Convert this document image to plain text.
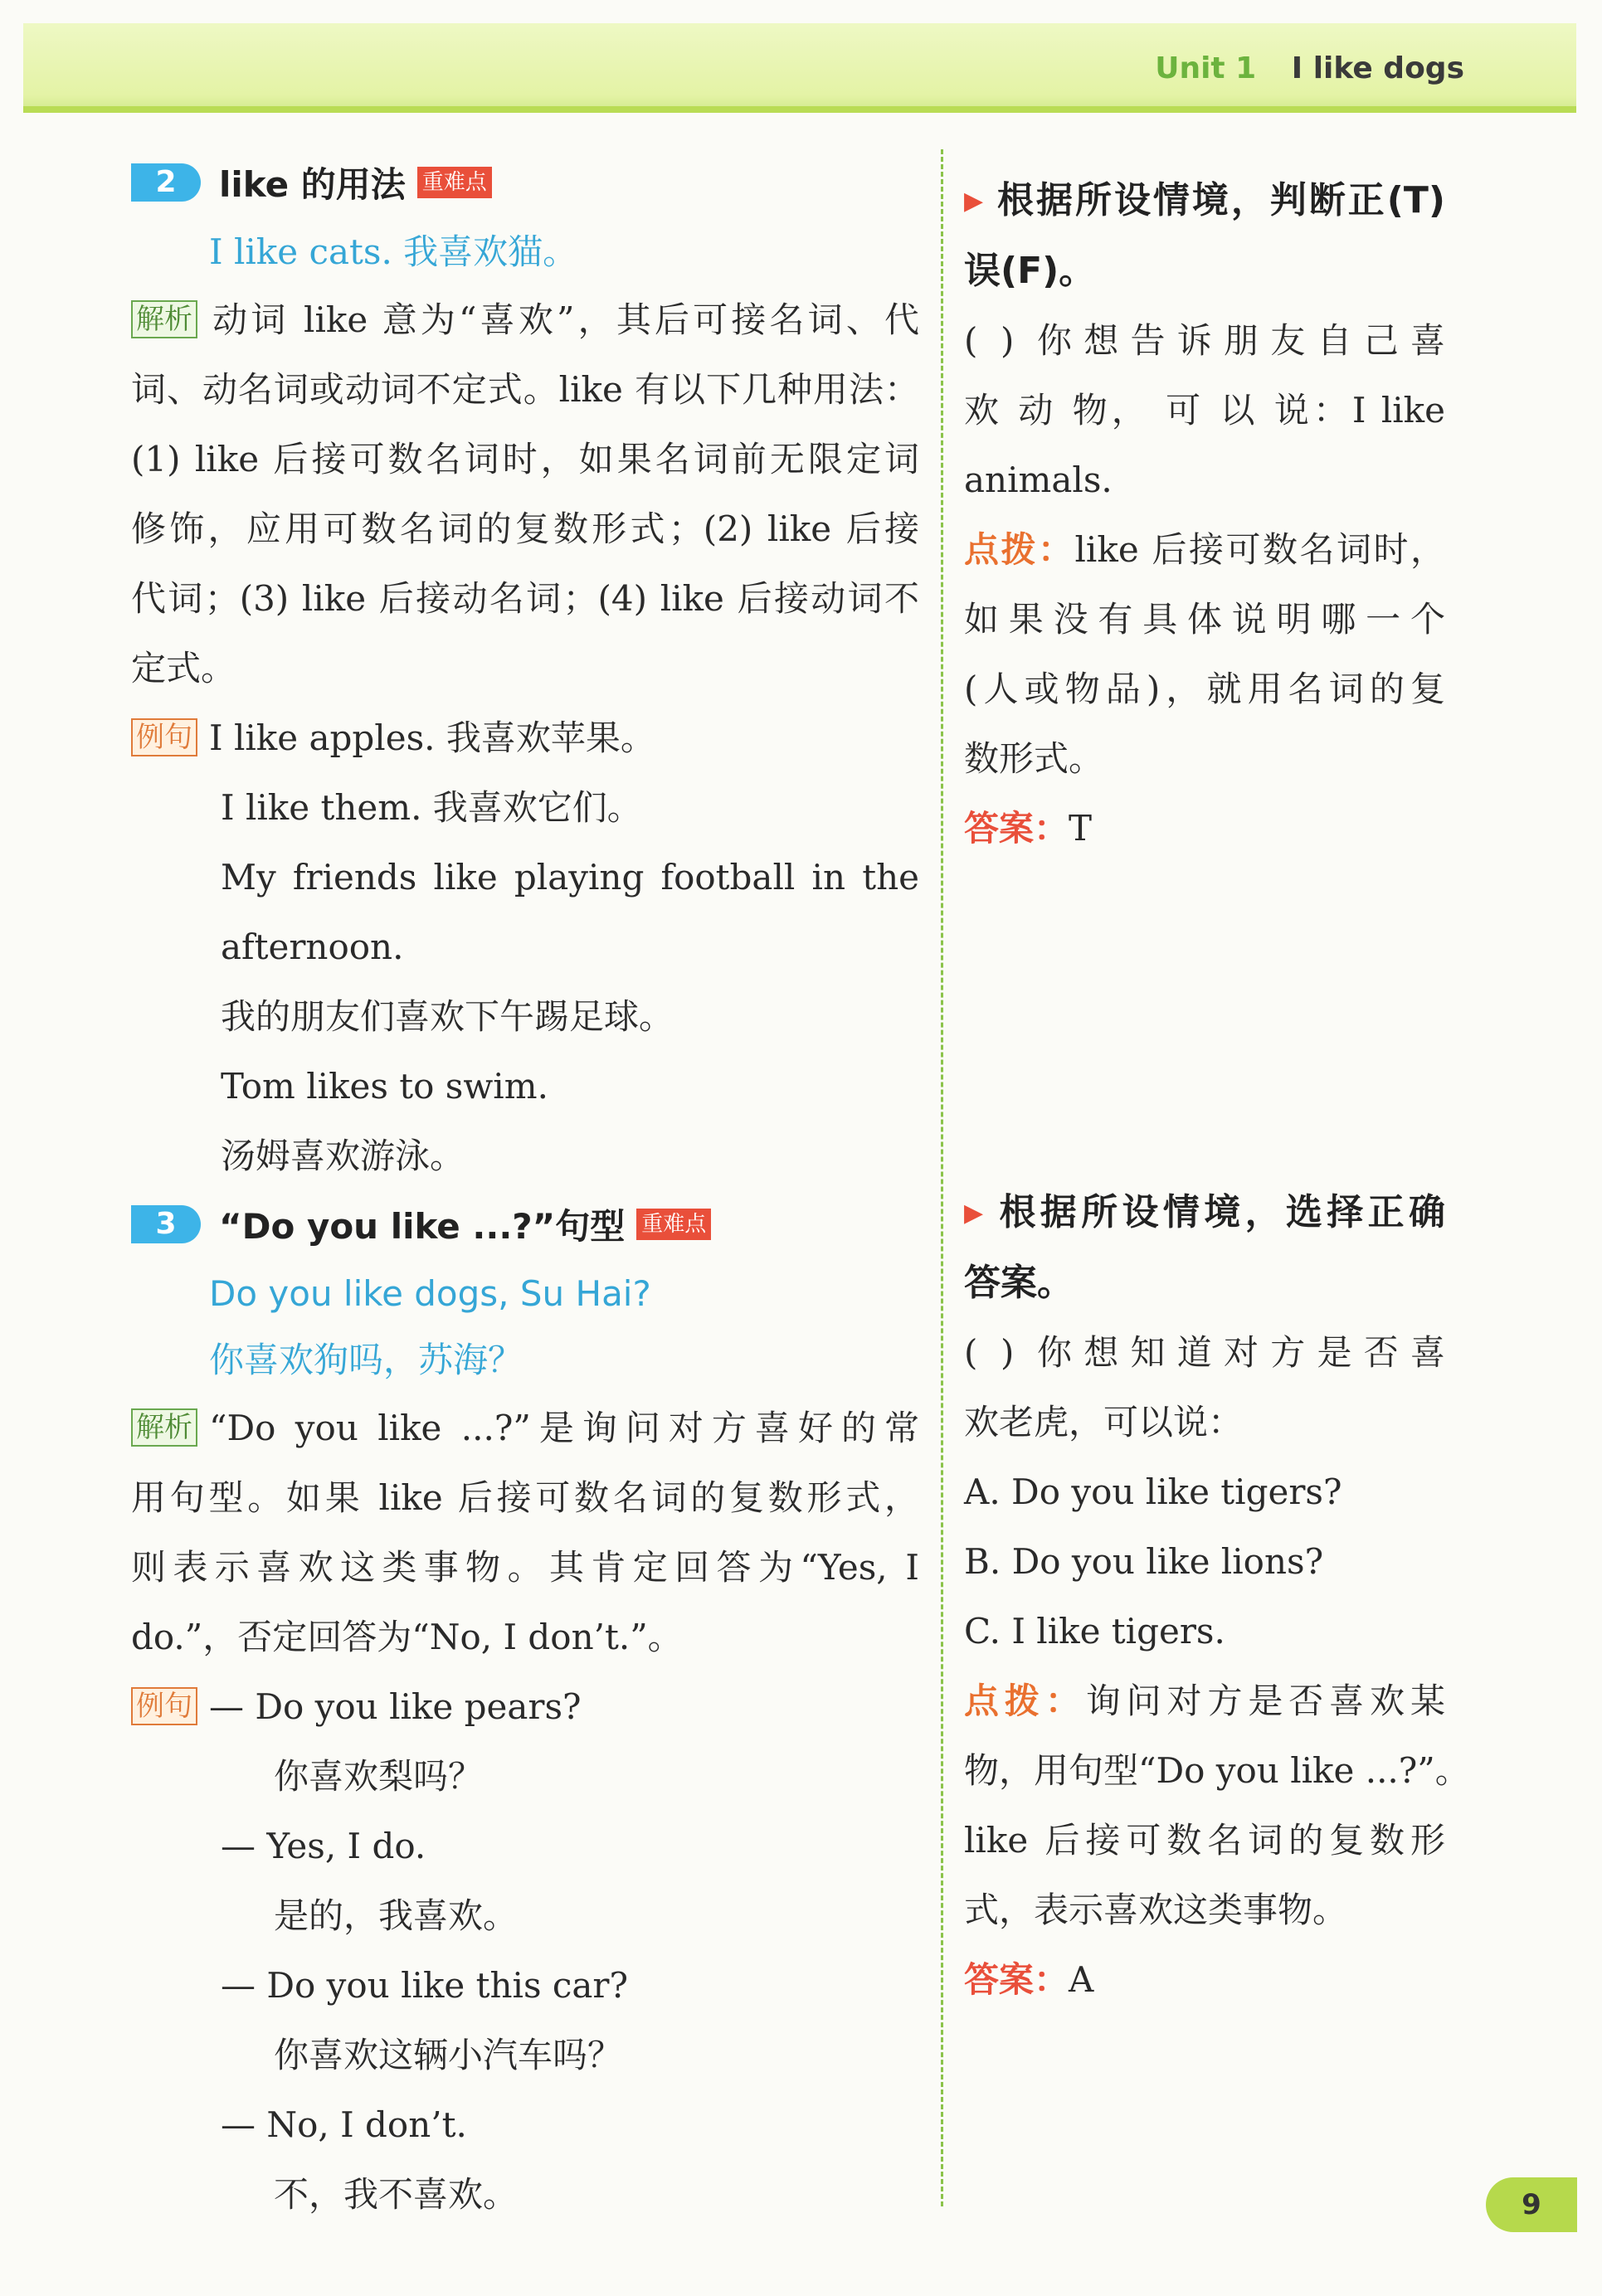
Unit 1 I like dogs
2	like 的用法 重难点
I like cats. 我喜欢猫。
解析 动词 like 意为“喜欢”，其后可接名词、代
词、动名词或动词不定式。like 有以下几种用法：
(1) like 后接可数名词时，如果名词前无限定词
修饰，应用可数名词的复数形式；(2) like 后接
代词；(3) like 后接动名词；(4) like 后接动词不
定式。
例句 I like apples. 我喜欢苹果。
I like them. 我喜欢它们。
My friends like playing football in the
afternoon.
我的朋友们喜欢下午踢足球。
Tom likes to swim.
汤姆喜欢游泳。
3	“Do you like ...?”句型 重难点
Do you like dogs, Su Hai?
你喜欢狗吗，苏海？
解析 “Do you like ...?”是询问对方喜好的常
用句型。如果 like 后接可数名词的复数形式，
则表示喜欢这类事物。其肯定回答为“Yes, I
do.”，否定回答为“No, I don’t.”。
例句 — Do you like pears?
你喜欢梨吗？
— Yes, I do.
是的，我喜欢。
— Do you like this car?
你喜欢这辆小汽车吗？
— No, I don’t.
不，我不喜欢。
▶ 根据所设情境，判断正(T)
误(F)。
( ) 你想告诉朋友自己喜
欢 动 物， 可 以 说：I like
animals.
点拨：like 后接可数名词时，
如果没有具体说明哪一个
(人或物品)，就用名词的复
数形式。
答案：T
▶ 根据所设情境，选择正确
答案。
( ) 你想知道对方是否喜
欢老虎，可以说：
A. Do you like tigers?
B. Do you like lions?
C. I like tigers.
点拨：询问对方是否喜欢某
物，用句型“Do you like ...?”。
like 后接可数名词的复数形
式，表示喜欢这类事物。
答案：A
9
